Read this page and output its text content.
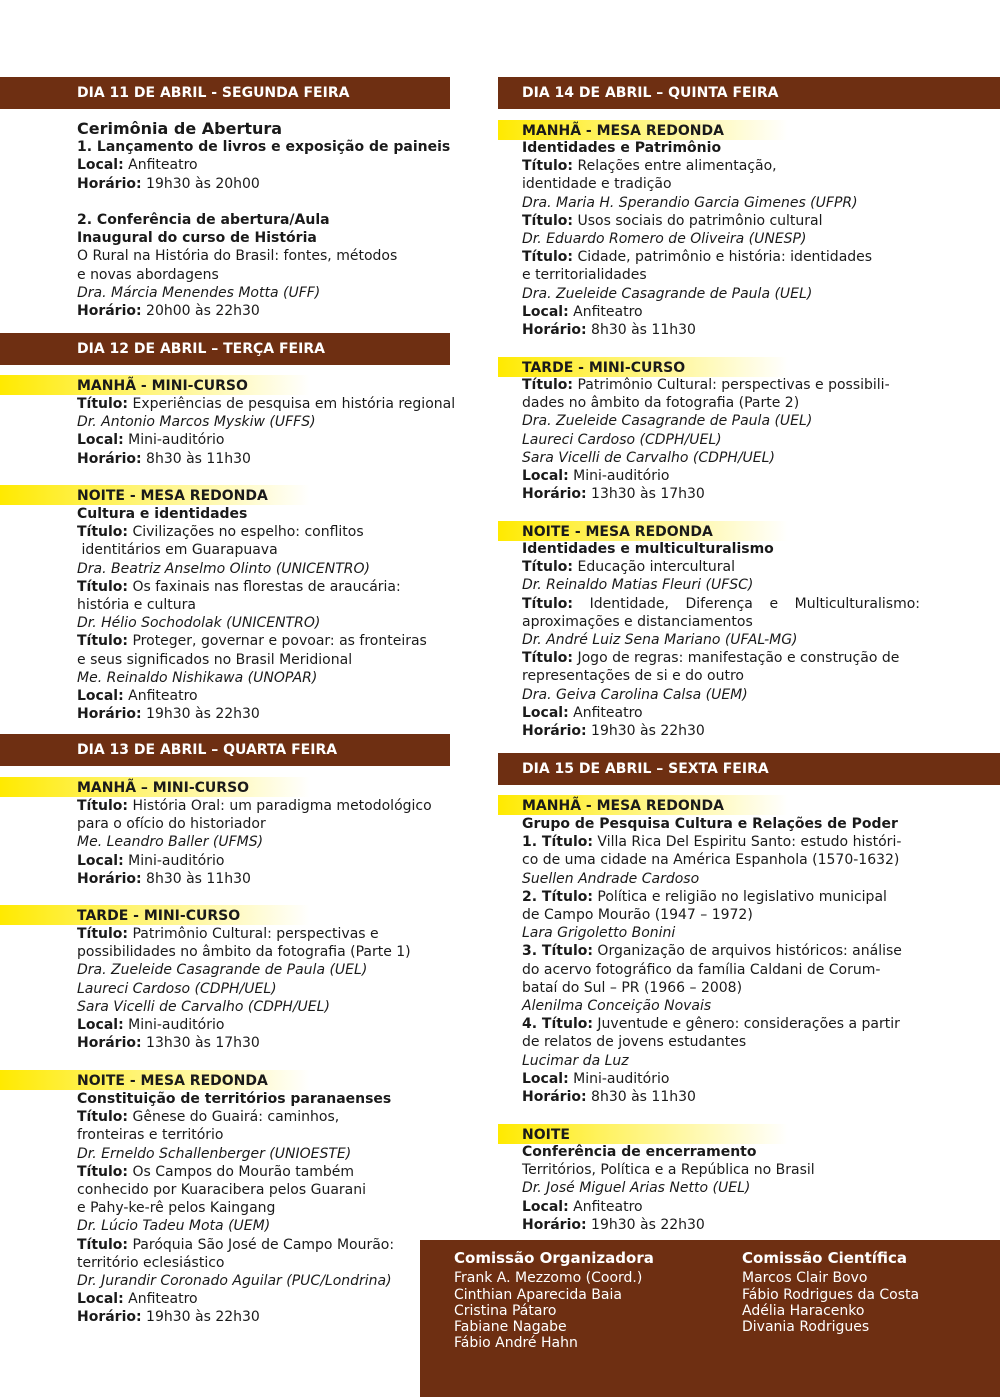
DIA 11 DE ABRIL - SEGUNDA FEIRA
Cerimônia de Abertura
1. Lançamento de livros e exposição de paineis
Local: Anfiteatro
Horário: 19h30 às 20h00

2. Conferência de abertura/Aula
Inaugural do curso de História
O Rural na História do Brasil: fontes, métodos
e novas abordagens
Dra. Márcia Menendes Motta (UFF)
Horário: 20h00 às 22h30
DIA 12 DE ABRIL – TERÇA FEIRA
MANHÃ - MINI-CURSO
Título: Experiências de pesquisa em história regional
Dr. Antonio Marcos Myskiw (UFFS)
Local: Mini-auditório
Horário: 8h30 às 11h30
NOITE - MESA REDONDA
Cultura e identidades
Título: Civilizações no espelho: conflitos
identitários em Guarapuava
Dra. Beatriz Anselmo Olinto (UNICENTRO)
Título: Os faxinais nas florestas de araucária:
história e cultura
Dr. Hélio Sochodolak (UNICENTRO)
Título: Proteger, governar e povoar: as fronteiras
e seus significados no Brasil Meridional
Me. Reinaldo Nishikawa (UNOPAR)
Local: Anfiteatro
Horário: 19h30 às 22h30
DIA 13 DE ABRIL – QUARTA FEIRA
MANHÃ – MINI-CURSO
Título: História Oral: um paradigma metodológico
para o ofício do historiador
Me. Leandro Baller (UFMS)
Local: Mini-auditório
Horário: 8h30 às 11h30
TARDE - MINI-CURSO
Título: Patrimônio Cultural: perspectivas e
possibilidades no âmbito da fotografia (Parte 1)
Dra. Zueleide Casagrande de Paula (UEL)
Laureci Cardoso (CDPH/UEL)
Sara Vicelli de Carvalho (CDPH/UEL)
Local: Mini-auditório
Horário: 13h30 às 17h30
NOITE - MESA REDONDA
Constituição de territórios paranaenses
Título: Gênese do Guairá: caminhos,
fronteiras e território
Dr. Erneldo Schallenberger (UNIOESTE)
Título: Os Campos do Mourão também
conhecido por Kuaracibera pelos Guarani
e Pahy-ke-rê pelos Kaingang
Dr. Lúcio Tadeu Mota (UEM)
Título: Paróquia São José de Campo Mourão:
território eclesiástico
Dr. Jurandir Coronado Aguilar (PUC/Londrina)
Local: Anfiteatro
Horário: 19h30 às 22h30
DIA 14 DE ABRIL – QUINTA FEIRA
MANHÃ - MESA REDONDA
Identidades e Patrimônio
Título: Relações entre alimentação,
identidade e tradição
Dra. Maria H. Sperandio Garcia Gimenes (UFPR)
Título: Usos sociais do patrimônio cultural
Dr. Eduardo Romero de Oliveira (UNESP)
Título: Cidade, patrimônio e história: identidades
e territorialidades
Dra. Zueleide Casagrande de Paula (UEL)
Local: Anfiteatro
Horário: 8h30 às 11h30
TARDE - MINI-CURSO
Título: Patrimônio Cultural: perspectivas e possibili-
dades no âmbito da fotografia (Parte 2)
Dra. Zueleide Casagrande de Paula (UEL)
Laureci Cardoso (CDPH/UEL)
Sara Vicelli de Carvalho (CDPH/UEL)
Local: Mini-auditório
Horário: 13h30 às 17h30
NOITE - MESA REDONDA
Identidades e multiculturalismo
Título: Educação intercultural
Dr. Reinaldo Matias Fleuri (UFSC)
Título: Identidade, Diferença e Multiculturalismo:
aproximações e distanciamentos
Dr. André Luiz Sena Mariano (UFAL-MG)
Título: Jogo de regras: manifestação e construção de
representações de si e do outro
Dra. Geiva Carolina Calsa (UEM)
Local: Anfiteatro
Horário: 19h30 às 22h30
DIA 15 DE ABRIL – SEXTA FEIRA
MANHÃ - MESA REDONDA
Grupo de Pesquisa Cultura e Relações de Poder
1. Título: Villa Rica Del Espiritu Santo: estudo históri-
co de uma cidade na América Espanhola (1570-1632)
Suellen Andrade Cardoso
2. Título: Política e religião no legislativo municipal
de Campo Mourão (1947 – 1972)
Lara Grigoletto Bonini
3. Título: Organização de arquivos históricos: análise
do acervo fotográfico da família Caldani de Corum-
bataí do Sul – PR (1966 – 2008)
Alenilma Conceição Novais
4. Título: Juventude e gênero: considerações a partir
de relatos de jovens estudantes
Lucimar da Luz
Local: Mini-auditório
Horário: 8h30 às 11h30
NOITE
Conferência de encerramento
Territórios, Política e a República no Brasil
Dr. José Miguel Arias Netto (UEL)
Local: Anfiteatro
Horário: 19h30 às 22h30
Comissão Organizadora
Frank A. Mezzomo (Coord.)
Cinthian Aparecida Baia
Cristina Pátaro
Fabiane Nagabe
Fábio André Hahn
Comissão Científica
Marcos Clair Bovo
Fábio Rodrigues da Costa
Adélia Haracenko
Divania Rodrigues
